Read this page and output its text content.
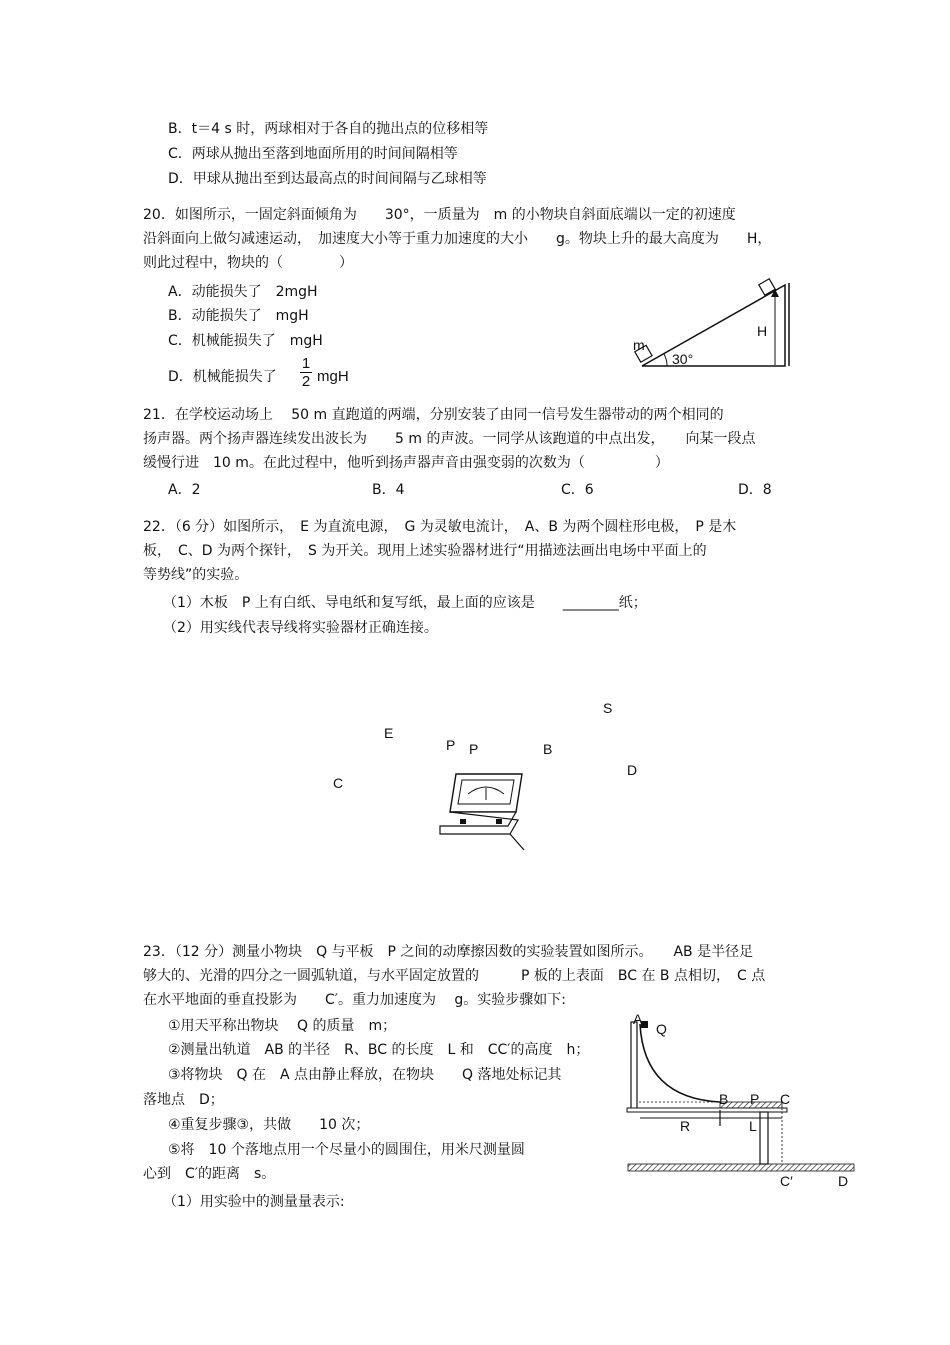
B．t＝4 s 时，两球相对于各自的抛出点的位移相等
C．两球从抛出至落到地面所用的时间间隔相等
D．甲球从抛出至到达最高点的时间间隔与乙球相等
20．如图所示，一固定斜面倾角为　　30°，一质量为　m 的小物块自斜面底端以一定的初速度
沿斜面向上做匀减速运动，　加速度大小等于重力加速度的大小　　g。物块上升的最大高度为　　H，
则此过程中，物块的（　　　　）
A．动能损失了　2mgH
B．动能损失了　mgH
C．机械能损失了　mgH
D．机械能损失了
1
2 mgH
m
30°
H
21．在学校运动场上　 50 m 直跑道的两端，分别安装了由同一信号发生器带动的两个相同的
扬声器。两个扬声器连续发出波长为　　5 m 的声波。一同学从该跑道的中点出发，　　向某一段点
缓慢行进　10 m。在此过程中，他听到扬声器声音由强变弱的次数为（　　　　　）
A．2	B．4	C．6	D．8
22．（6 分）如图所示，　E 为直流电源，　G 为灵敏电流计，　A、B 为两个圆柱形电极，　P 是木
板，　C、D 为两个探针，　S 为开关。现用上述实验器材进行“用描迹法画出电场中平面上的
等势线”的实验。
（1）木板　P 上有白纸、导电纸和复写纸，最上面的应该是　　________纸；
（2）用实线代表导线将实验器材正确连接。
S
E
P P	B
D
C
23．（12 分）测量小物块　Q 与平板　P 之间的动摩擦因数的实验装置如图所示。　　AB 是半径足
够大的、光滑的四分之一圆弧轨道，与水平固定放置的　　　P 板的上表面　BC 在 B 点相切，　C 点
在水平地面的垂直投影为　　C′。重力加速度为　 g。实验步骤如下:
①用天平称出物块　 Q 的质量　m；
②测量出轨道　AB 的半径　R、BC 的长度　L 和　CC′的高度　h；
③将物块　Q 在　A 点由静止释放，在物块　　Q 落地处标记其
落地点　D；
④重复步骤③，共做　　10 次；
⑤将　10 个落地点用一个尽量小的圆围住，用米尺测量圆
心到　C′的距离　s。
（1）用实验中的测量量表示:
A
Q
B P C
R	L
C′	D
